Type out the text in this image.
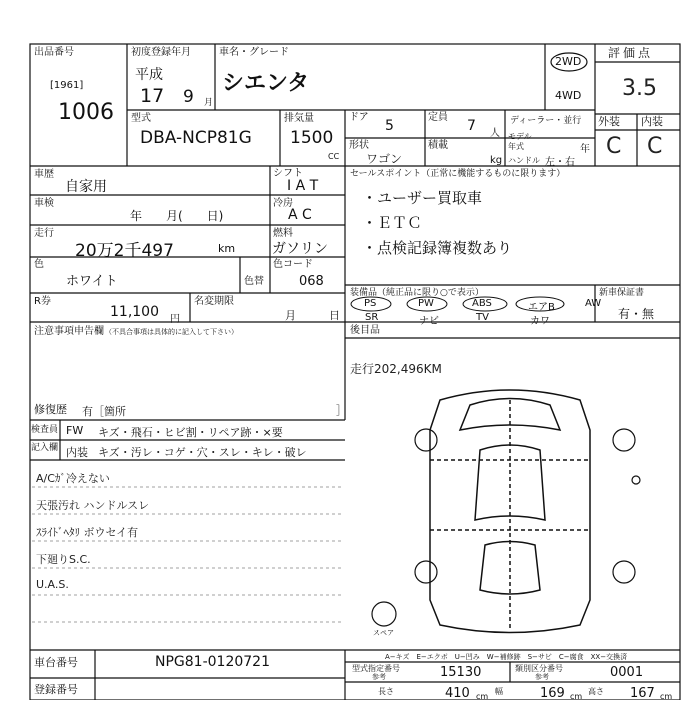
出品番号
[1961]
1006
初度登録年月
平成
17 9 月
車名・グレード
シエンタ
2WD
4WD
評価点
3.5
型式
DBA-NCP81G
排気量
1500
CC
ドア
5
定員
7 人
ディーラー・並行
形状
ワゴン
積載
kg
モデル
年式	年
ハンドル 左・右
外装 内装
C C
車歴
自家用
シフト
I A T
車検
年　　月(　　日)
冷房
A C
走行
20万2千497	km
燃料
ガソリン
色
ホワイト	色替
色コード
068
R券
11,100 円
名変期限
月　　　日
注意事項申告欄 （不具合事項は具体的に記入して下さい）
修復歴 有［箇所	］
検査員
記入欄
FW キズ・飛石・ヒビ割・リペア跡・×要
内装 キズ・汚レ・コゲ・穴・スレ・キレ・破レ
A/Cｶﾞ冷えない
天張汚れ ハンドルスレ
ｽﾗｲﾄﾞﾍﾀﾘ ボウセイ有
下廻りS.C.
U.A.S.
セールスポイント（正常に機能するものに限ります）
・ユーザー買取車
・ＥＴＣ
・点検記録簿複数あり
装備品（純正品に限り○で表示）
PS	PW	ABS	エアB	AW
SR	ナビ	TV	カワ
新車保証書
有・無
後目品
走行202,496KM
スペア
車台番号	NPG81-0120721
登録番号
A−キズ　E−エクボ　U−凹み　W−補修跡　S−サビ　C−腐食　XX−交換済
型式指定番号
参考	15130	類別区分番号
参考	0001
長さ	410 cm
幅	169 cm
高さ 167 cm
